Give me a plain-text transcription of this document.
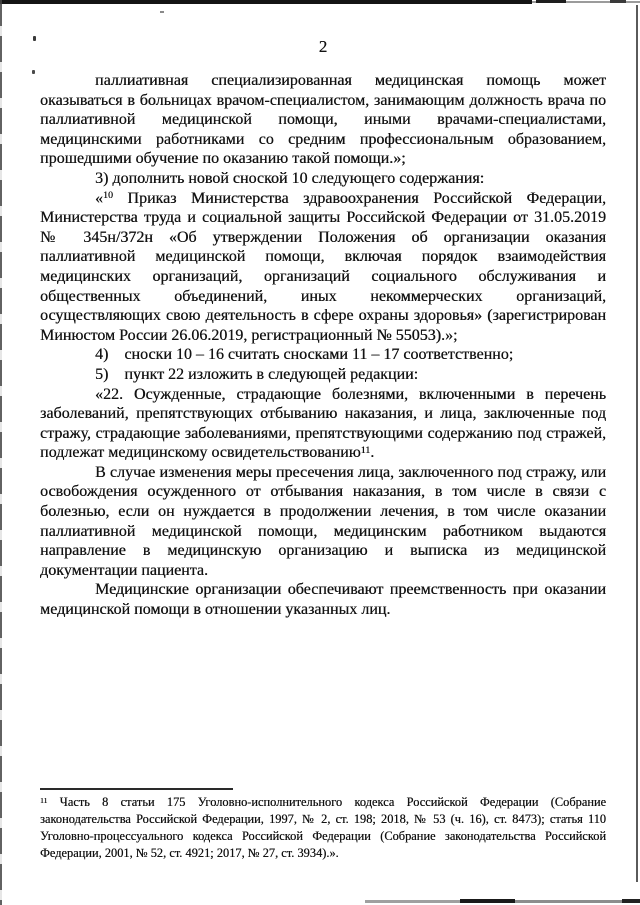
2

паллиативная специализированная медицинская помощь может оказываться в больницах врачом-специалистом, занимающим должность врача по паллиативной медицинской помощи, иными врачами-специалистами, медицинскими работниками со средним профессиональным образованием, прошедшими обучение по оказанию такой помощи.»;

3) дополнить новой сноской 10 следующего содержания:

«$^{10}$ Приказ Министерства здравоохранения Российской Федерации, Министерства труда и социальной защиты Российской Федерации от 31.05.2019 № 345н/372н «Об утверждении Положения об организации оказания паллиативной медицинской помощи, включая порядок взаимодействия медицинских организаций, организаций социального обслуживания и общественных объединений, иных некоммерческих организаций, осуществляющих свою деятельность в сфере охраны здоровья» (зарегистрирован Минюстом России 26.06.2019, регистрационный № 55053).»;

4) сноски 10 – 16 считать сносками 11 – 17 соответственно;

5) пункт 22 изложить в следующей редакции:

«22. Осужденные, страдающие болезнями, включенными в перечень заболеваний, препятствующих отбыванию наказания, и лица, заключенные под стражу, страдающие заболеваниями, препятствующими содержанию под стражей, подлежат медицинскому освидетельствованию$^{11}$.

В случае изменения меры пресечения лица, заключенного под стражу, или освобождения осужденного от отбывания наказания, в том числе в связи с болезнью, если он нуждается в продолжении лечения, в том числе оказании паллиативной медицинской помощи, медицинским работником выдаются направление в медицинскую организацию и выписка из медицинской документации пациента.

Медицинские организации обеспечивают преемственность при оказании медицинской помощи в отношении указанных лиц.

$^{11}$ Часть 8 статьи 175 Уголовно-исполнительного кодекса Российской Федерации (Собрание законодательства Российской Федерации, 1997, № 2, ст. 198; 2018, № 53 (ч. 16), ст. 8473); статья 110 Уголовно-процессуального кодекса Российской Федерации (Собрание законодательства Российской Федерации, 2001, № 52, ст. 4921; 2017, № 27, ст. 3934).».
